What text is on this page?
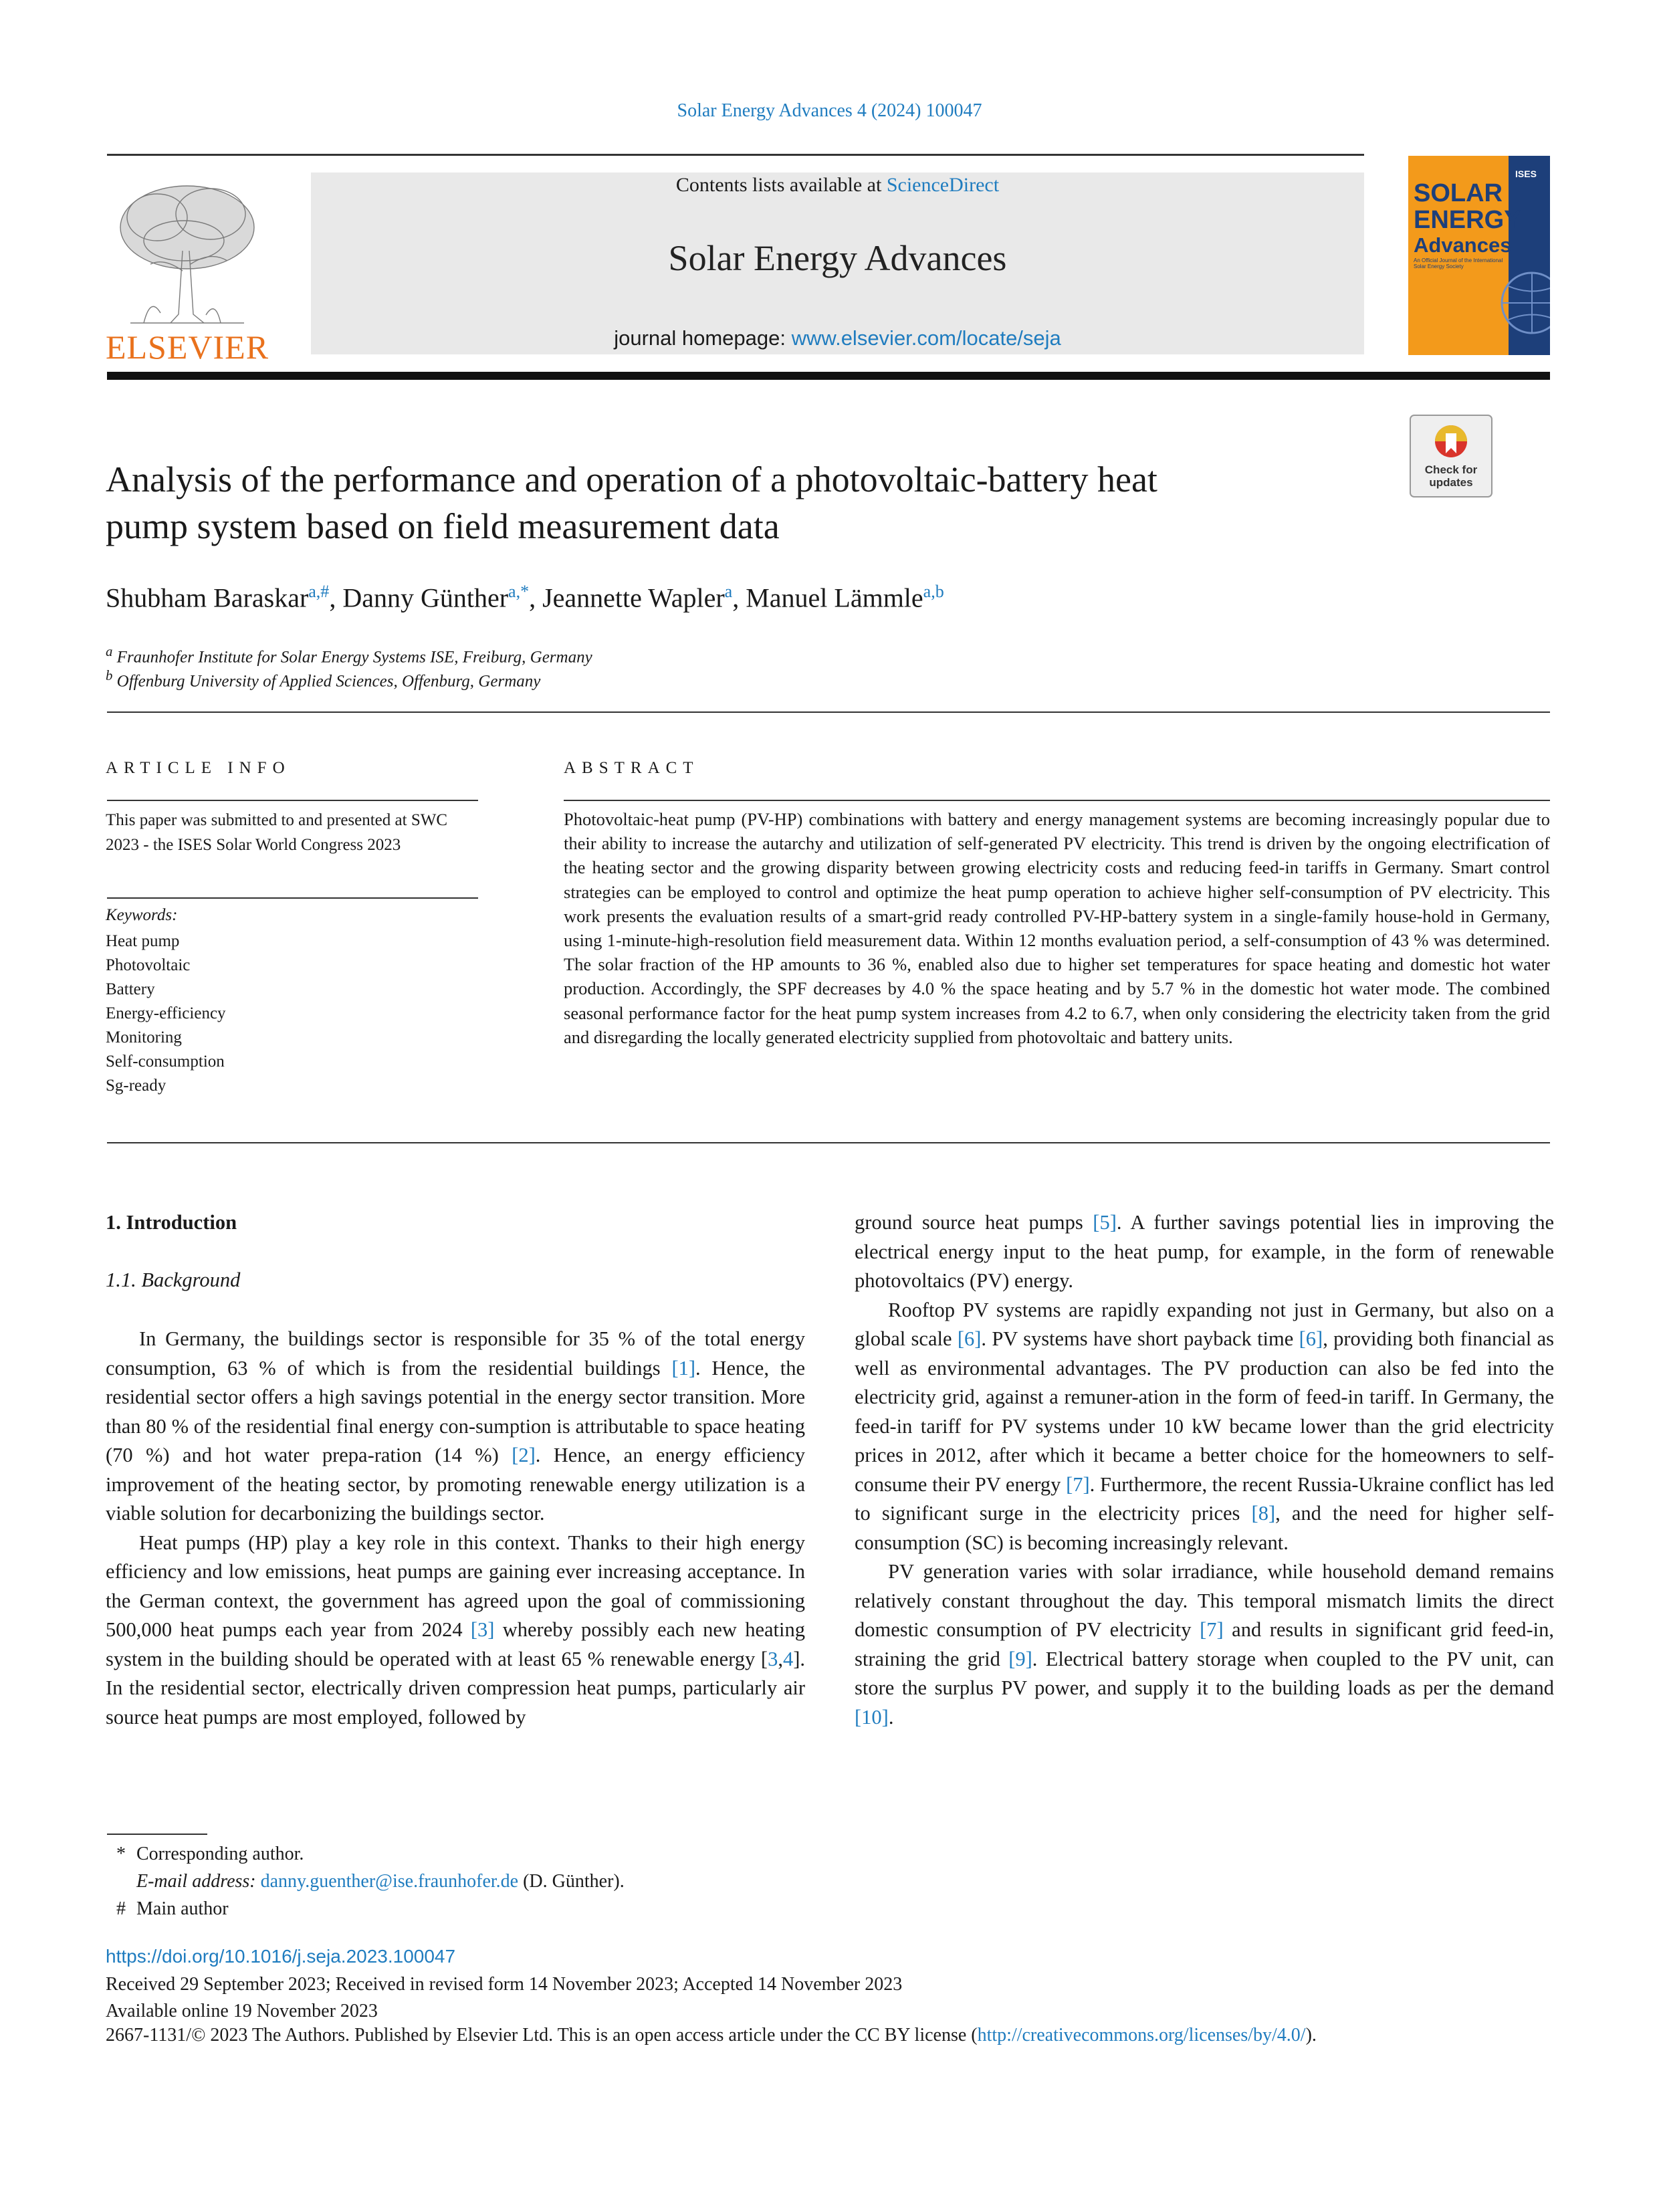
Solar Energy Advances 4 (2024) 100047
ELSEVIER
Contents lists available at ScienceDirect
Solar Energy Advances
journal homepage: www.elsevier.com/locate/seja
SOLAR
ENERGY
Advances
ISES
An Official Journal of the International Solar Energy Society
Check for
updates
Analysis of the performance and operation of a photovoltaic-battery heat
pump system based on field measurement data
Shubham Baraskar$^{a,\#}$, Danny Günther$^{a,*}$, Jeannette Wapler$^a$, Manuel Lämmle$^{a,b}$
$^a$ Fraunhofer Institute for Solar Energy Systems ISE, Freiburg, Germany
$^b$ Offenburg University of Applied Sciences, Offenburg, Germany
ARTICLE INFO	ABSTRACT
This paper was submitted to and presented at SWC 2023 - the ISES Solar World Congress 2023
Keywords:
Heat pump
Photovoltaic
Battery
Energy-efficiency
Monitoring
Self-consumption
Sg-ready
Photovoltaic-heat pump (PV-HP) combinations with battery and energy management systems are becoming increasingly popular due to their ability to increase the autarchy and utilization of self-generated PV electricity. This trend is driven by the ongoing electrification of the heating sector and the growing disparity between growing electricity costs and reducing feed-in tariffs in Germany. Smart control strategies can be employed to control and optimize the heat pump operation to achieve higher self-consumption of PV electricity. This work presents the evaluation results of a smart-grid ready controlled PV-HP-battery system in a single-family house-hold in Germany, using 1-minute-high-resolution field measurement data. Within 12 months evaluation period, a self-consumption of 43 % was determined. The solar fraction of the HP amounts to 36 %, enabled also due to higher set temperatures for space heating and domestic hot water production. Accordingly, the SPF decreases by 4.0 % the space heating and by 5.7 % in the domestic hot water mode. The combined seasonal performance factor for the heat pump system increases from 4.2 to 6.7, when only considering the electricity taken from the grid and disregarding the locally generated electricity supplied from photovoltaic and battery units.

1. Introduction

1.1. Background

In Germany, the buildings sector is responsible for 35 % of the total energy consumption, 63 % of which is from the residential buildings [1]. Hence, the residential sector offers a high savings potential in the energy sector transition. More than 80 % of the residential final energy con-sumption is attributable to space heating (70 %) and hot water prepa-ration (14 %) [2]. Hence, an energy efficiency improvement of the heating sector, by promoting renewable energy utilization is a viable solution for decarbonizing the buildings sector.

Heat pumps (HP) play a key role in this context. Thanks to their high energy efficiency and low emissions, heat pumps are gaining ever increasing acceptance. In the German context, the government has agreed upon the goal of commissioning 500,000 heat pumps each year from 2024 [3] whereby possibly each new heating system in the building should be operated with at least 65 % renewable energy [3,4]. In the residential sector, electrically driven compression heat pumps, particularly air source heat pumps are most employed, followed by

ground source heat pumps [5]. A further savings potential lies in improving the electrical energy input to the heat pump, for example, in the form of renewable photovoltaics (PV) energy.

Rooftop PV systems are rapidly expanding not just in Germany, but also on a global scale [6]. PV systems have short payback time [6], providing both financial as well as environmental advantages. The PV production can also be fed into the electricity grid, against a remuner-ation in the form of feed-in tariff. In Germany, the feed-in tariff for PV systems under 10 kW became lower than the grid electricity prices in 2012, after which it became a better choice for the homeowners to self-consume their PV energy [7]. Furthermore, the recent Russia-Ukraine conflict has led to significant surge in the electricity prices [8], and the need for higher self-consumption (SC) is becoming increasingly relevant.

PV generation varies with solar irradiance, while household demand remains relatively constant throughout the day. This temporal mismatch limits the direct domestic consumption of PV electricity [7] and results in significant grid feed-in, straining the grid [9]. Electrical battery storage when coupled to the PV unit, can store the surplus PV power, and supply it to the building loads as per the demand [10].

* Corresponding author.
E-mail address: danny.guenther@ise.fraunhofer.de (D. Günther).
# Main author
https://doi.org/10.1016/j.seja.2023.100047
Received 29 September 2023; Received in revised form 14 November 2023; Accepted 14 November 2023
Available online 19 November 2023
2667-1131/© 2023 The Authors. Published by Elsevier Ltd. This is an open access article under the CC BY license (http://creativecommons.org/licenses/by/4.0/).
